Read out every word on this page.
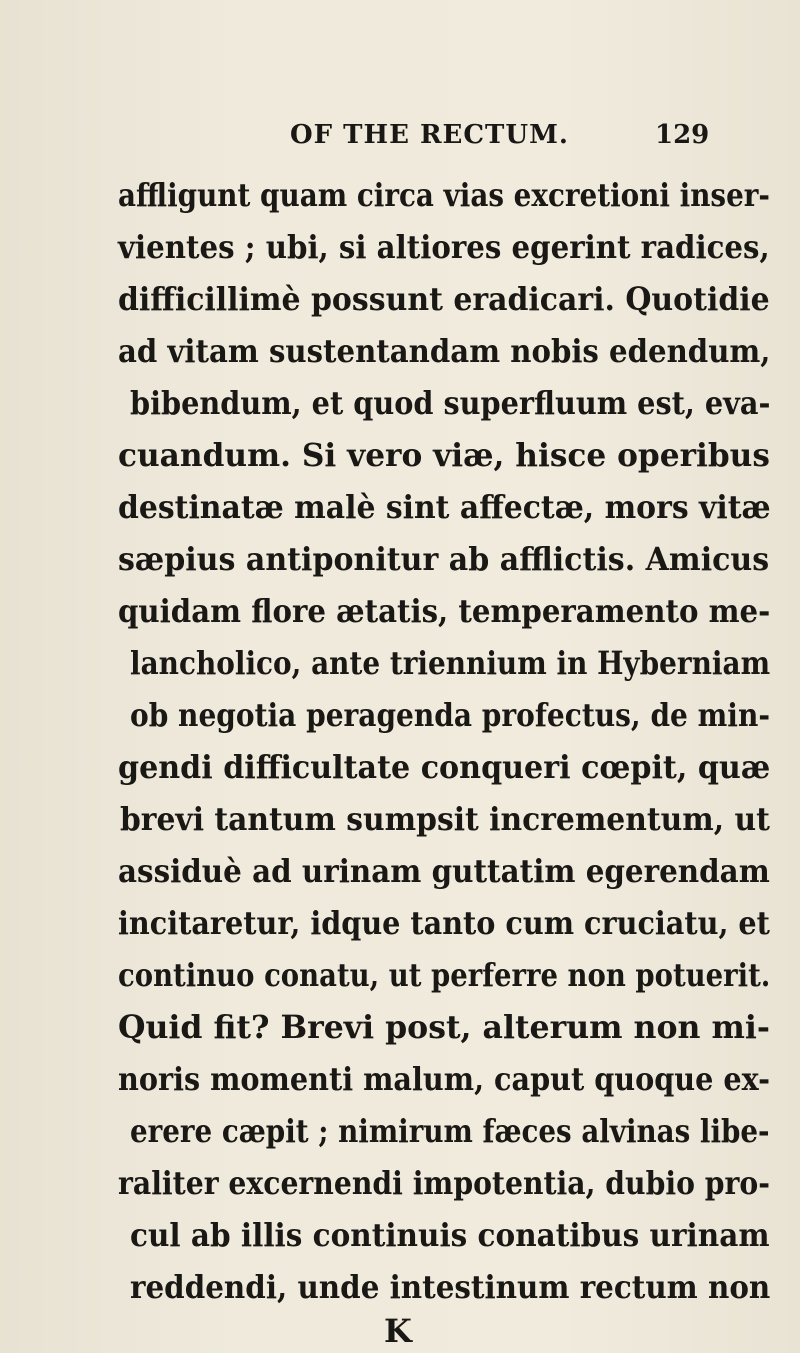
OF THE RECTUM.	129
affligunt quam circa vias excretioni inser-
vientes ; ubi, si altiores egerint radices,
difficillimè possunt eradicari. Quotidie
ad vitam sustentandam nobis edendum,
bibendum, et quod superfluum est, eva-
cuandum. Si vero viæ, hisce operibus
destinatæ malè sint affectæ, mors vitæ
sæpius antiponitur ab afflictis. Amicus
quidam flore ætatis, temperamento me-
lancholico, ante triennium in Hyberniam
ob negotia peragenda profectus, de min-
gendi difficultate conqueri cœpit, quæ
brevi tantum sumpsit incrementum, ut
assiduè ad urinam guttatim egerendam
incitaretur, idque tanto cum cruciatu, et
continuo conatu, ut perferre non potuerit.
Quid fit? Brevi post, alterum non mi-
noris momenti malum, caput quoque ex-
erere cæpit ; nimirum fæces alvinas libe-
raliter excernendi impotentia, dubio pro-
cul ab illis continuis conatibus urinam
reddendi, unde intestinum rectum non
K
